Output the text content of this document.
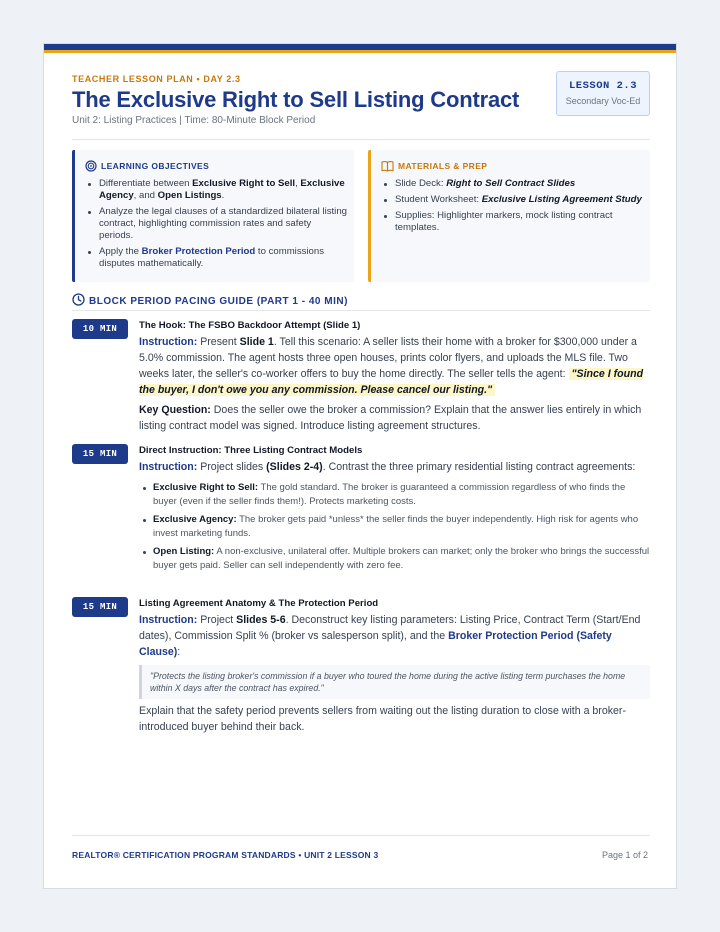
TEACHER LESSON PLAN • DAY 2.3
The Exclusive Right to Sell Listing Contract
Unit 2: Listing Practices | Time: 80-Minute Block Period
LESSON 2.3
Secondary Voc-Ed
LEARNING OBJECTIVES
Differentiate between Exclusive Right to Sell, Exclusive Agency, and Open Listings.
Analyze the legal clauses of a standardized bilateral listing contract, highlighting commission rates and safety periods.
Apply the Broker Protection Period to commissions disputes mathematically.
MATERIALS & PREP
Slide Deck: Right to Sell Contract Slides
Student Worksheet: Exclusive Listing Agreement Study
Supplies: Highlighter markers, mock listing contract templates.
BLOCK PERIOD PACING GUIDE (PART 1 - 40 MIN)
10 MIN	The Hook: The FSBO Backdoor Attempt (Slide 1)

Instruction: Present Slide 1. Tell this scenario: A seller lists their home with a broker for $300,000 under a 5.0% commission. The agent hosts three open houses, prints color flyers, and uploads the MLS file. Two weeks later, the seller's co-worker offers to buy the home directly. The seller tells the agent: "Since I found the buyer, I don't owe you any commission. Please cancel our listing."

Key Question: Does the seller owe the broker a commission? Explain that the answer lies entirely in which listing contract model was signed. Introduce listing agreement structures.

15 MIN	Direct Instruction: Three Listing Contract Models

Instruction: Project slides (Slides 2-4). Contrast the three primary residential listing contract agreements:

Exclusive Right to Sell: The gold standard. The broker is guaranteed a commission regardless of who finds the buyer (even if the seller finds them!). Protects marketing costs.
Exclusive Agency: The broker gets paid *unless* the seller finds the buyer independently. High risk for agents who invest marketing funds.
Open Listing: A non-exclusive, unilateral offer. Multiple brokers can market; only the broker who brings the successful buyer gets paid. Seller can sell independently with zero fee.
15 MIN	Listing Agreement Anatomy & The Protection Period

Instruction: Project Slides 5-6. Deconstruct key listing parameters: Listing Price, Contract Term (Start/End dates), Commission Split % (broker vs salesperson split), and the Broker Protection Period (Safety Clause):

"Protects the listing broker's commission if a buyer who toured the home during the active listing term purchases the home within X days after the contract has expired."

Explain that the safety period prevents sellers from waiting out the listing duration to close with a broker-introduced buyer behind their back.

REALTOR® CERTIFICATION PROGRAM STANDARDS • UNIT 2 LESSON 3	Page 1 of 2
